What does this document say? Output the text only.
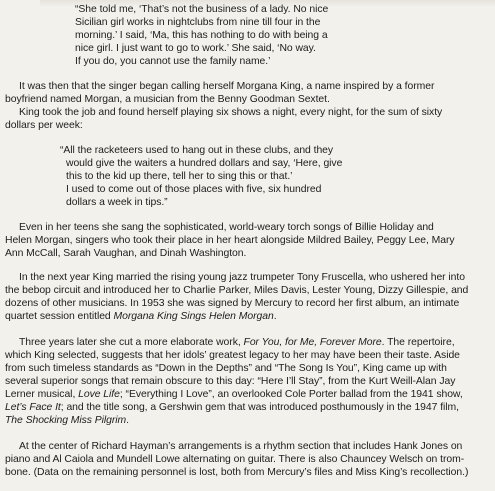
“She told me, ‘That’s not the business of a lady. No nice
Sicilian girl works in nightclubs from nine till four in the
morning.’ I said, ‘Ma, this has nothing to do with being a
nice girl. I just want to go to work.’ She said, ‘No way.
If you do, you cannot use the family name.’
It was then that the singer began calling herself Morgana King, a name inspired by a former
boyfriend named Morgan, a musician from the Benny Goodman Sextet.
King took the job and found herself playing six shows a night, every night, for the sum of sixty
dollars per week:
“All the racketeers used to hang out in these clubs, and they
would give the waiters a hundred dollars and say, ‘Here, give
this to the kid up there, tell her to sing this or that.’
I used to come out of those places with five, six hundred
dollars a week in tips.”
Even in her teens she sang the sophisticated, world-weary torch songs of Billie Holiday and
Helen Morgan, singers who took their place in her heart alongside Mildred Bailey, Peggy Lee, Mary
Ann McCall, Sarah Vaughan, and Dinah Washington.
In the next year King married the rising young jazz trumpeter Tony Fruscella, who ushered her into
the bebop circuit and introduced her to Charlie Parker, Miles Davis, Lester Young, Dizzy Gillespie, and
dozens of other musicians. In 1953 she was signed by Mercury to record her first album, an intimate
quartet session entitled Morgana King Sings Helen Morgan.
Three years later she cut a more elaborate work, For You, for Me, Forever More. The repertoire,
which King selected, suggests that her idols’ greatest legacy to her may have been their taste. Aside
from such timeless standards as “Down in the Depths” and “The Song Is You”, King came up with
several superior songs that remain obscure to this day: “Here I’ll Stay”, from the Kurt Weill-Alan Jay
Lerner musical, Love Life; “Everything I Love”, an overlooked Cole Porter ballad from the 1941 show,
Let’s Face It; and the title song, a Gershwin gem that was introduced posthumously in the 1947 film,
The Shocking Miss Pilgrim.
At the center of Richard Hayman’s arrangements is a rhythm section that includes Hank Jones on
piano and Al Caiola and Mundell Lowe alternating on guitar. There is also Chauncey Welsch on trom-
bone. (Data on the remaining personnel is lost, both from Mercury’s files and Miss King’s recollection.)
